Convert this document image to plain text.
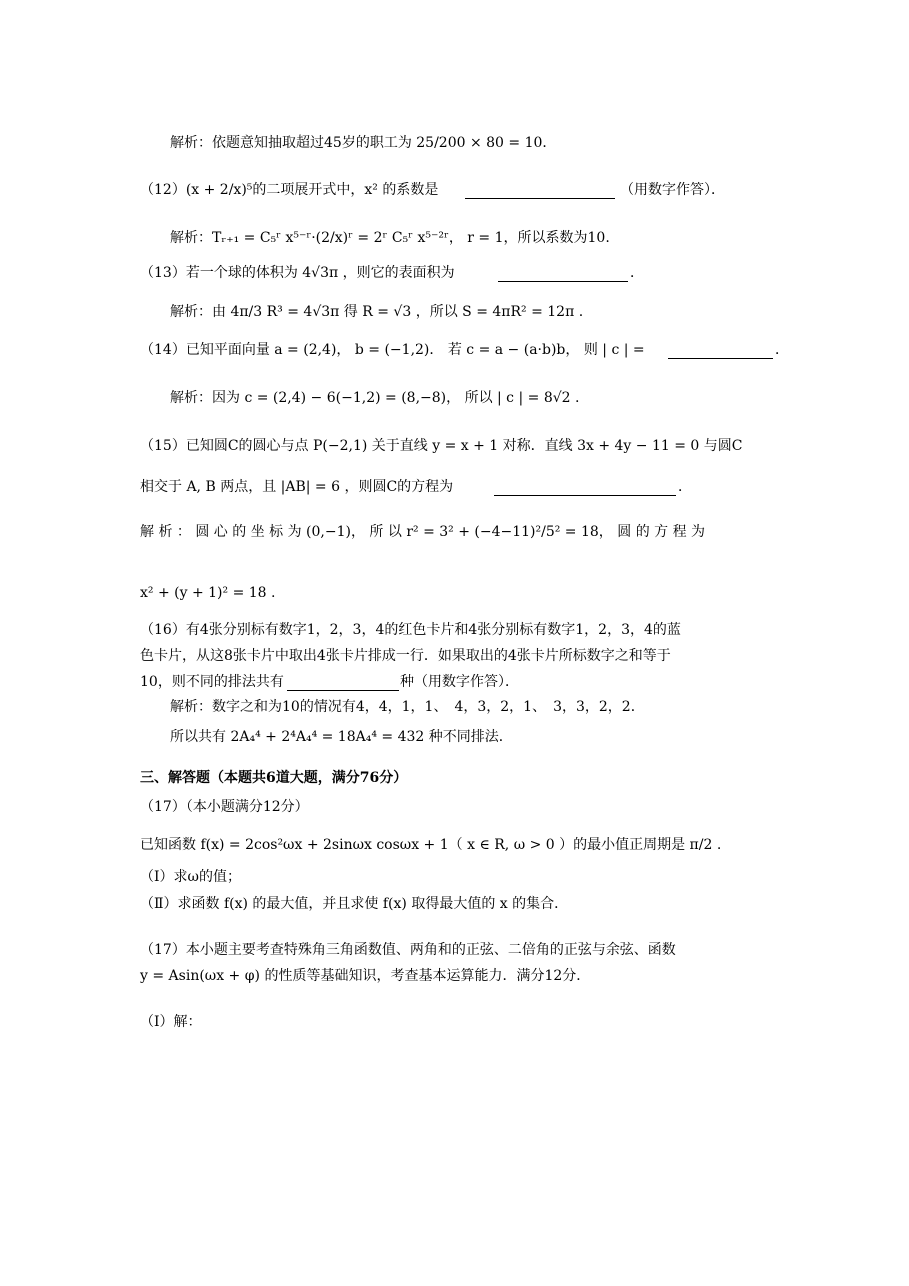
解析：依题意知抽取超过45岁的职工为 25/200 × 80 = 10．
（12）(x + 2/x)⁵的二项展开式中，x² 的系数是	（用数字作答）．
解析：Tᵣ₊₁ = C₅ʳ x⁵⁻ʳ·(2/x)ʳ = 2ʳ C₅ʳ x⁵⁻²ʳ， r = 1，所以系数为10.
（13）若一个球的体积为 4√3π ，则它的表面积为	．
解析：由 4π/3 R³ = 4√3π 得 R = √3 ，所以 S = 4πR² = 12π .
（14）已知平面向量 a = (2,4)， b = (−1,2)． 若 c = a − (a·b)b， 则 | c | =	．
解析：因为 c = (2,4) − 6(−1,2) = (8,−8)， 所以 | c | = 8√2 .
（15）已知圆C的圆心与点 P(−2,1) 关于直线 y = x + 1 对称．直线 3x + 4y − 11 = 0 与圆C
相交于 A, B 两点，且 |AB| = 6 ，则圆C的方程为	．
解 析 ： 圆 心 的 坐 标 为 (0,−1)， 所 以 r² = 3² + (−4−11)²/5² = 18， 圆 的 方 程 为
x² + (y + 1)² = 18 .
（16）有4张分别标有数字1，2，3，4的红色卡片和4张分别标有数字1，2，3，4的蓝
色卡片，从这8张卡片中取出4张卡片排成一行．如果取出的4张卡片所标数字之和等于
10，则不同的排法共有	种（用数字作答）．
解析：数字之和为10的情况有4，4，1，1、　4，3，2，1、　3，3，2，2．
所以共有 2A₄⁴ + 2⁴A₄⁴ = 18A₄⁴ = 432 种不同排法．
三、解答题（本题共6道大题，满分76分）
（17）（本小题满分12分）
已知函数 f(x) = 2cos²ωx + 2sinωx cosωx + 1（ x ∈ R, ω > 0 ）的最小值正周期是 π/2 .
（Ⅰ）求ω的值；
（Ⅱ）求函数 f(x) 的最大值，并且求使 f(x) 取得最大值的 x 的集合．
（17）本小题主要考查特殊角三角函数值、两角和的正弦、二倍角的正弦与余弦、函数
y = Asin(ωx + φ) 的性质等基础知识，考查基本运算能力．满分12分．
（Ⅰ）解：
